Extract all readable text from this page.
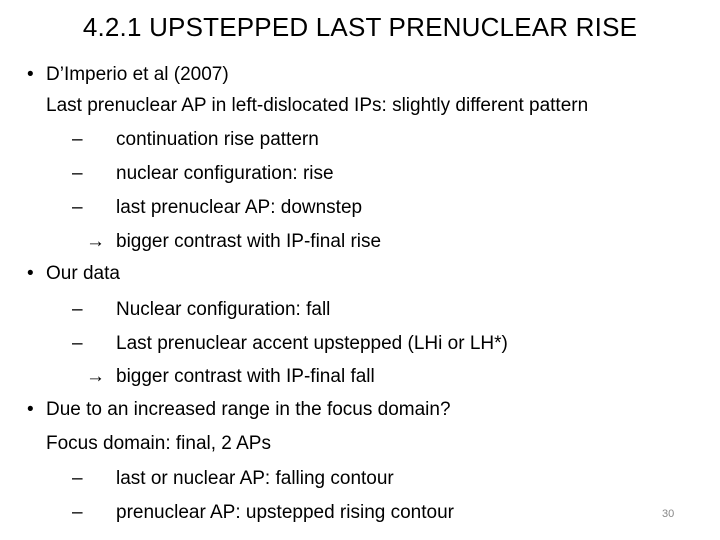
4.2.1 UPSTEPPED LAST PRENUCLEAR RISE
• D’Imperio et al (2007)
Last prenuclear AP in left-dislocated IPs: slightly different pattern
– continuation rise pattern
– nuclear configuration: rise
– last prenuclear AP: downstep
→ bigger contrast with IP-final rise
• Our data
– Nuclear configuration: fall
– Last prenuclear accent upstepped (LHi or LH*)
→ bigger contrast with IP-final fall
• Due to an increased range in the focus domain?
Focus domain: final, 2 APs
– last or nuclear AP: falling contour
– prenuclear AP: upstepped rising contour	30
